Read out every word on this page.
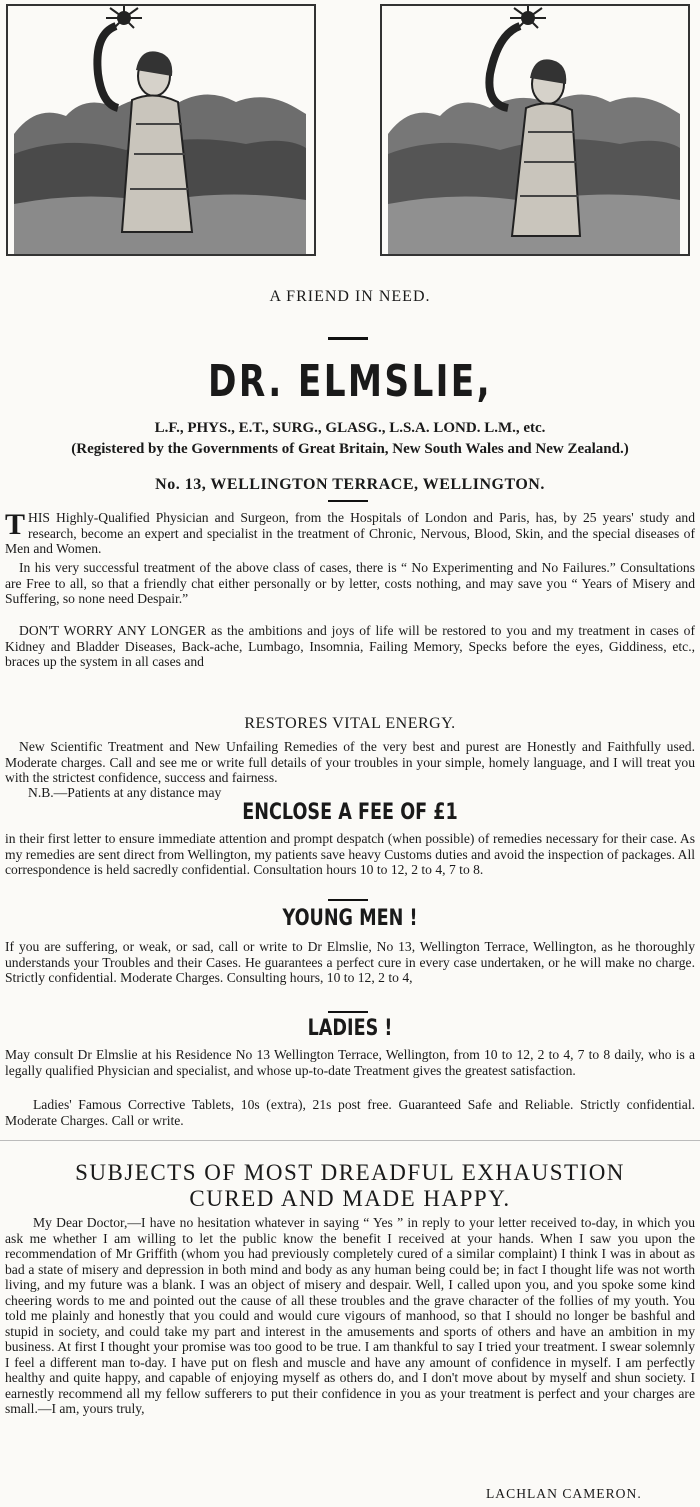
A FRIEND IN NEED.
DR. ELMSLIE,
L.F., PHYS., E.T., SURG., GLASG., L.S.A. LOND. L.M., etc.
(Registered by the Governments of Great Britain, New South Wales and New Zealand.)
No. 13, WELLINGTON TERRACE, WELLINGTON.
T HIS Highly-Qualified Physician and Surgeon, from the Hospitals of London and Paris, has, by 25 years' study and research, become an expert and specialist in the treatment of Chronic, Nervous, Blood, Skin, and the special diseases of Men and Women.
In his very successful treatment of the above class of cases, there is “ No Experimenting and No Failures.” Consultations are Free to all, so that a friendly chat either personally or by letter, costs nothing, and may save you “ Years of Misery and Suffering, so none need Despair.”
DON'T WORRY ANY LONGER as the ambitions and joys of life will be restored to you and my treatment in cases of Kidney and Bladder Diseases, Back-ache, Lumbago, Insomnia, Failing Memory, Specks before the eyes, Giddiness, etc., braces up the system in all cases and
RESTORES VITAL ENERGY.
New Scientific Treatment and New Unfailing Remedies of the very best and purest are Honestly and Faithfully used. Moderate charges. Call and see me or write full details of your troubles in your simple, homely language, and I will treat you with the strictest confidence, success and fairness.
N.B.—Patients at any distance may
ENCLOSE A FEE OF £1
in their first letter to ensure immediate attention and prompt despatch (when possible) of remedies necessary for their case. As my remedies are sent direct from Wellington, my patients save heavy Customs duties and avoid the inspection of packages. All correspondence is held sacredly confidential. Consultation hours 10 to 12, 2 to 4, 7 to 8.
YOUNG MEN !
If you are suffering, or weak, or sad, call or write to Dr Elmslie, No 13, Wellington Terrace, Wellington, as he thoroughly understands your Troubles and their Cases. He guarantees a perfect cure in every case undertaken, or he will make no charge. Strictly confidential. Moderate Charges. Consulting hours, 10 to 12, 2 to 4,
LADIES !
May consult Dr Elmslie at his Residence No 13 Wellington Terrace, Wellington, from 10 to 12, 2 to 4, 7 to 8 daily, who is a legally qualified Physician and specialist, and whose up-to-date Treatment gives the greatest satisfaction.
Ladies' Famous Corrective Tablets, 10s (extra), 21s post free. Guaranteed Safe and Reliable. Strictly confidential. Moderate Charges. Call or write.
SUBJECTS OF MOST DREADFUL EXHAUSTION
CURED AND MADE HAPPY.
My Dear Doctor,—I have no hesitation whatever in saying “ Yes ” in reply to your letter received to-day, in which you ask me whether I am willing to let the public know the benefit I received at your hands. When I saw you upon the recommendation of Mr Griffith (whom you had previously completely cured of a similar complaint) I think I was in about as bad a state of misery and depression in both mind and body as any human being could be; in fact I thought life was not worth living, and my future was a blank. I was an object of misery and despair. Well, I called upon you, and you spoke some kind cheering words to me and pointed out the cause of all these troubles and the grave character of the follies of my youth. You told me plainly and honestly that you could and would cure vigours of manhood, so that I should no longer be bashful and stupid in society, and could take my part and interest in the amusements and sports of others and have an ambition in my business. At first I thought your promise was too good to be true. I am thankful to say I tried your treatment. I swear solemnly I feel a different man to-day. I have put on flesh and muscle and have any amount of confidence in myself. I am perfectly healthy and quite happy, and capable of enjoying myself as others do, and I don't move about by myself and shun society. I earnestly recommend all my fellow sufferers to put their confidence in you as your treatment is perfect and your charges are small.—I am, yours truly,
LACHLAN CAMERON.
